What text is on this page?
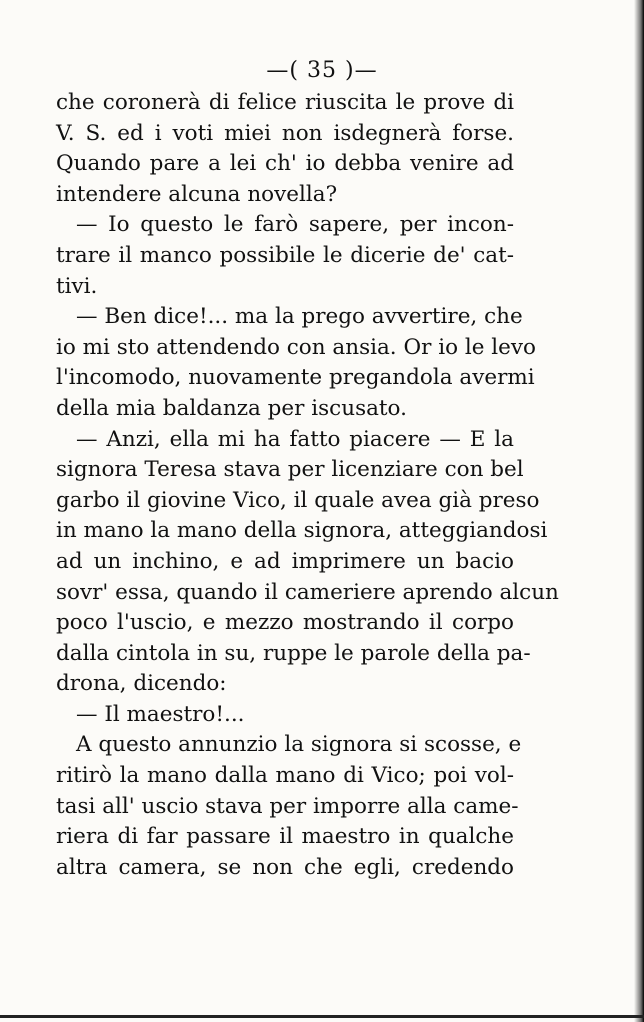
—( 35 )—
che coronerà di felice riuscita le prove di
V. S. ed i voti miei non isdegnerà forse.
Quando pare a lei ch' io debba venire ad
intendere alcuna novella?
— Io questo le farò sapere, per incon-
trare il manco possibile le dicerie de' cat-
tivi.
— Ben dice!... ma la prego avvertire, che
io mi sto attendendo con ansia. Or io le levo
l'incomodo, nuovamente pregandola avermi
della mia baldanza per iscusato.
— Anzi, ella mi ha fatto piacere — E la
signora Teresa stava per licenziare con bel
garbo il giovine Vico, il quale avea già preso
in mano la mano della signora, atteggiandosi
ad un inchino, e ad imprimere un bacio
sovr' essa, quando il cameriere aprendo alcun
poco l'uscio, e mezzo mostrando il corpo
dalla cintola in su, ruppe le parole della pa-
drona, dicendo:
— Il maestro!...
A questo annunzio la signora si scosse, e
ritirò la mano dalla mano di Vico; poi vol-
tasi all' uscio stava per imporre alla came-
riera di far passare il maestro in qualche
altra camera, se non che egli, credendo
